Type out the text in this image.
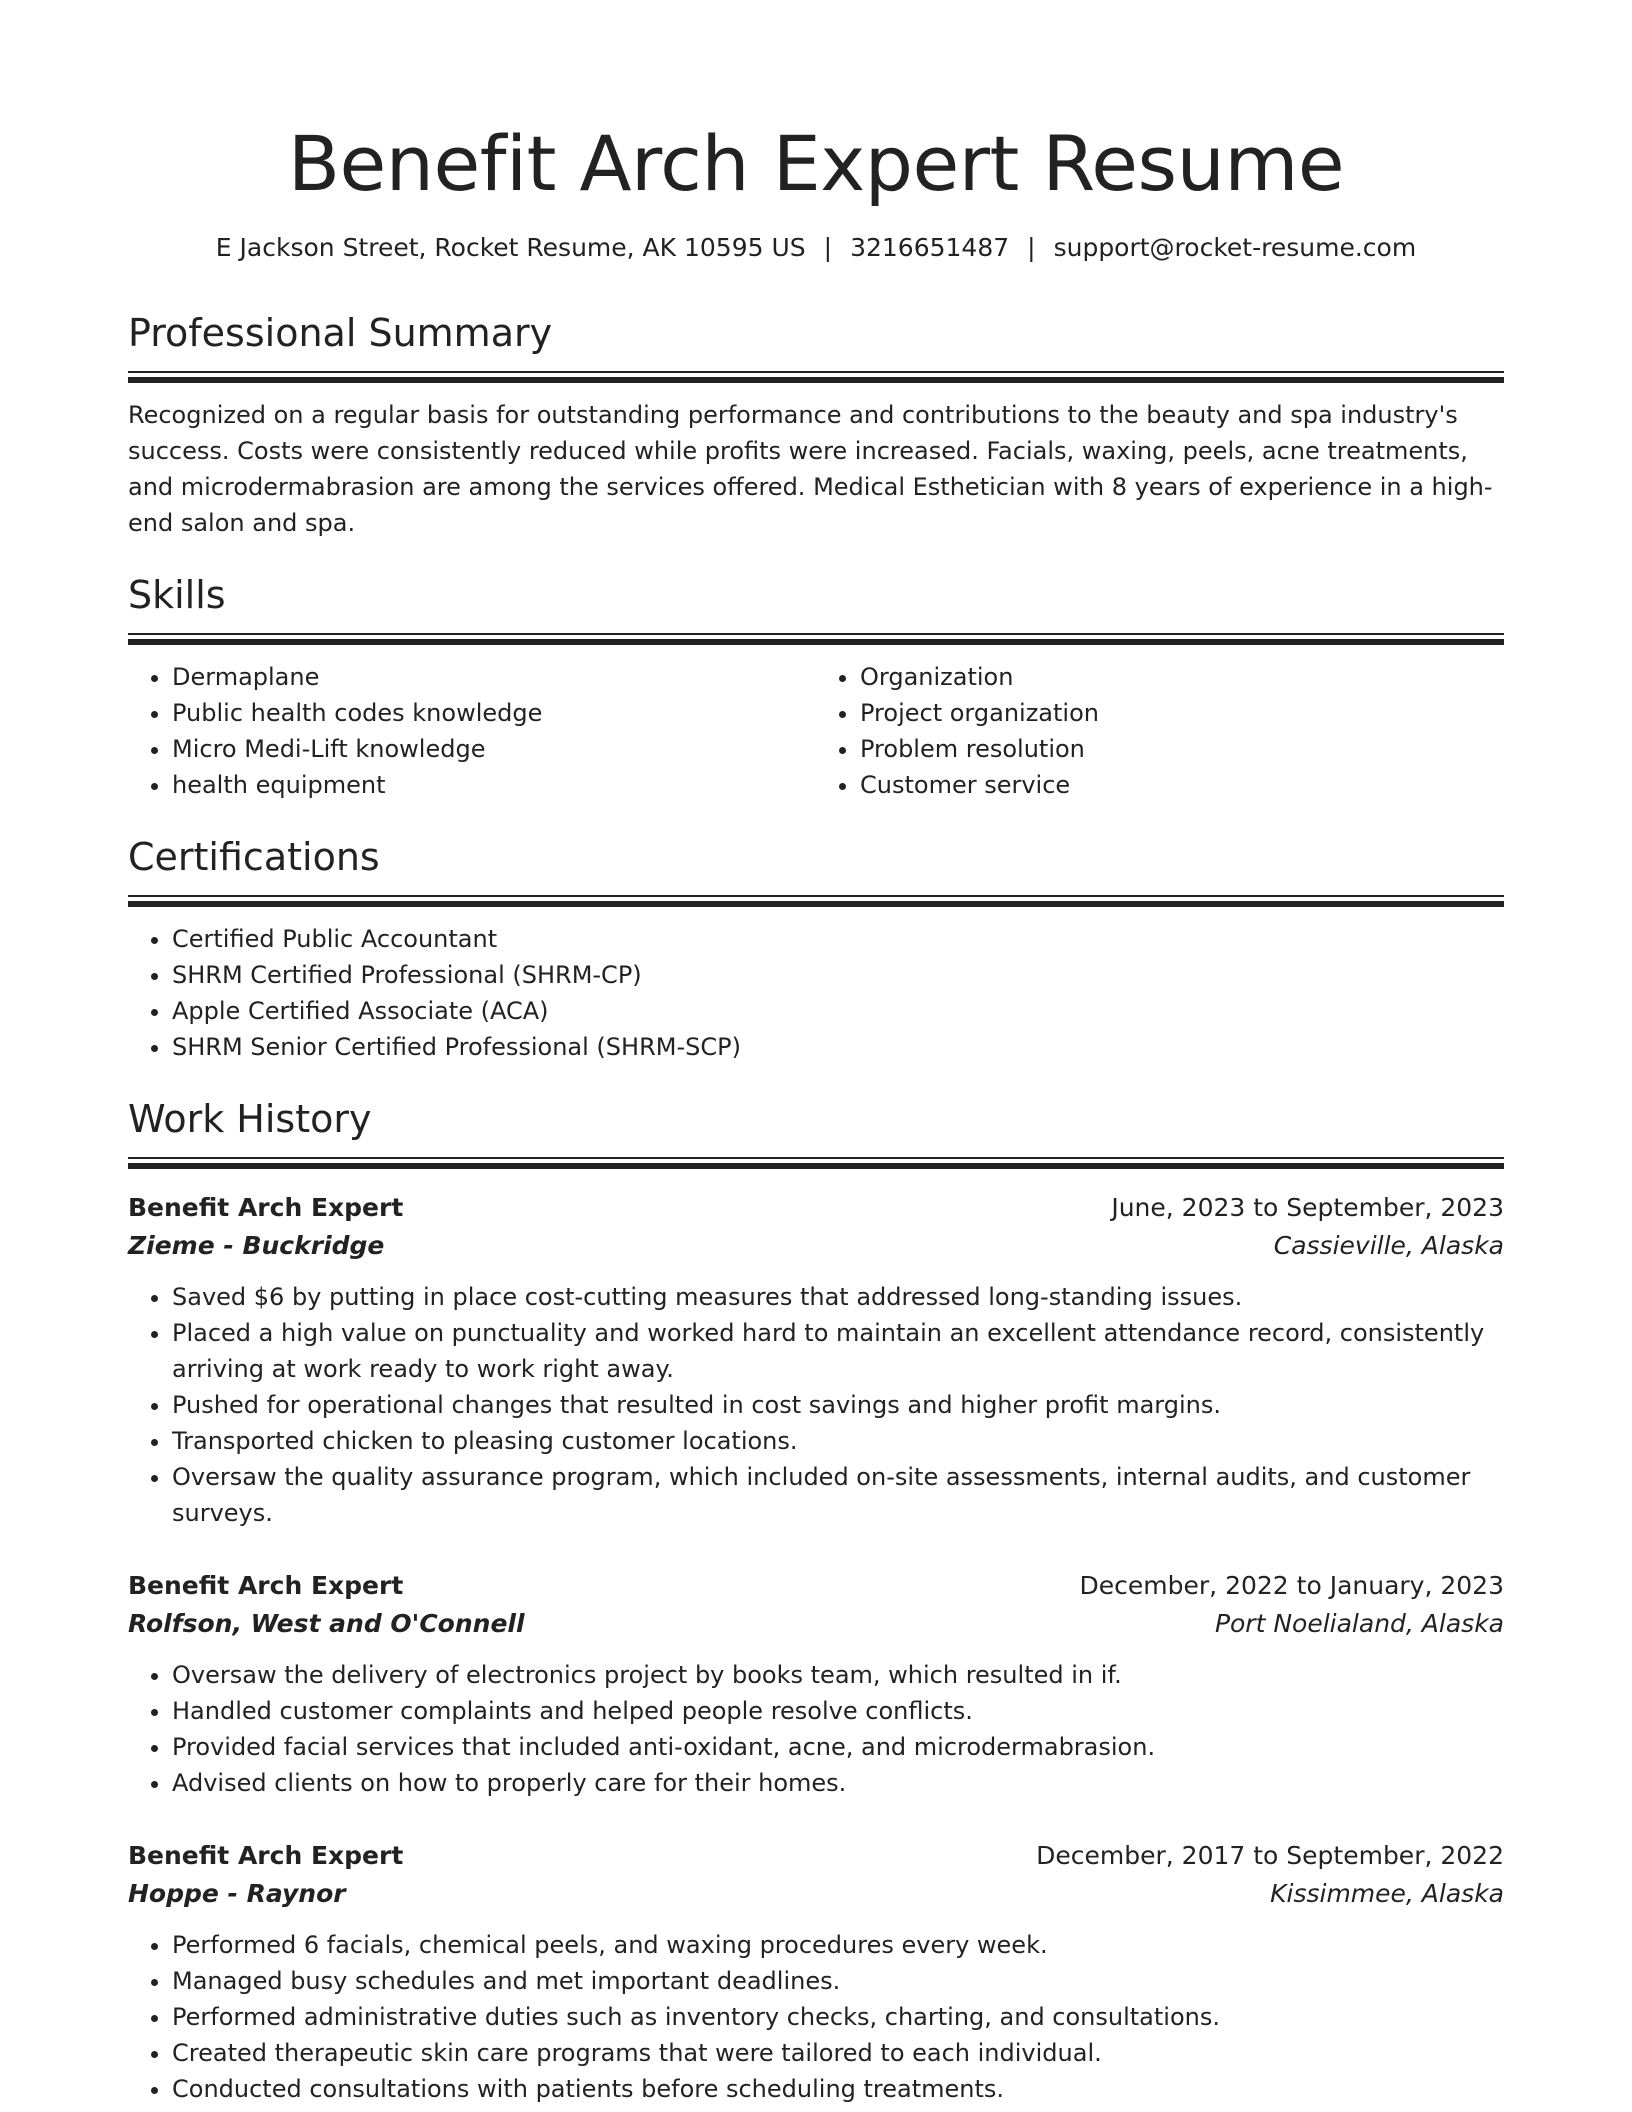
Benefit Arch Expert Resume
E Jackson Street, Rocket Resume, AK 10595 US | 3216651487 | support@rocket-resume.com
Professional Summary

Recognized on a regular basis for outstanding performance and contributions to the beauty and spa industry's success. Costs were consistently reduced while profits were increased. Facials, waxing, peels, acne treatments, and microdermabrasion are among the services offered. Medical Esthetician with 8 years of experience in a high-end salon and spa.

Skills
• Dermaplane
• Public health codes knowledge
• Micro Medi-Lift knowledge
• health equipment
• Organization
• Project organization
• Problem resolution
• Customer service
Certifications
• Certified Public Accountant
• SHRM Certified Professional (SHRM-CP)
• Apple Certified Associate (ACA)
• SHRM Senior Certified Professional (SHRM-SCP)
Work History
Benefit Arch Expert	June, 2023 to September, 2023
Zieme - Buckridge	Cassieville, Alaska
• Saved $6 by putting in place cost-cutting measures that addressed long-standing issues.
• Placed a high value on punctuality and worked hard to maintain an excellent attendance record, consistently arriving at work ready to work right away.
• Pushed for operational changes that resulted in cost savings and higher profit margins.
• Transported chicken to pleasing customer locations.
• Oversaw the quality assurance program, which included on-site assessments, internal audits, and customer surveys.
Benefit Arch Expert	December, 2022 to January, 2023
Rolfson, West and O'Connell	Port Noelialand, Alaska
• Oversaw the delivery of electronics project by books team, which resulted in if.
• Handled customer complaints and helped people resolve conflicts.
• Provided facial services that included anti-oxidant, acne, and microdermabrasion.
• Advised clients on how to properly care for their homes.
Benefit Arch Expert	December, 2017 to September, 2022
Hoppe - Raynor	Kissimmee, Alaska
• Performed 6 facials, chemical peels, and waxing procedures every week.
• Managed busy schedules and met important deadlines.
• Performed administrative duties such as inventory checks, charting, and consultations.
• Created therapeutic skin care programs that were tailored to each individual.
• Conducted consultations with patients before scheduling treatments.
